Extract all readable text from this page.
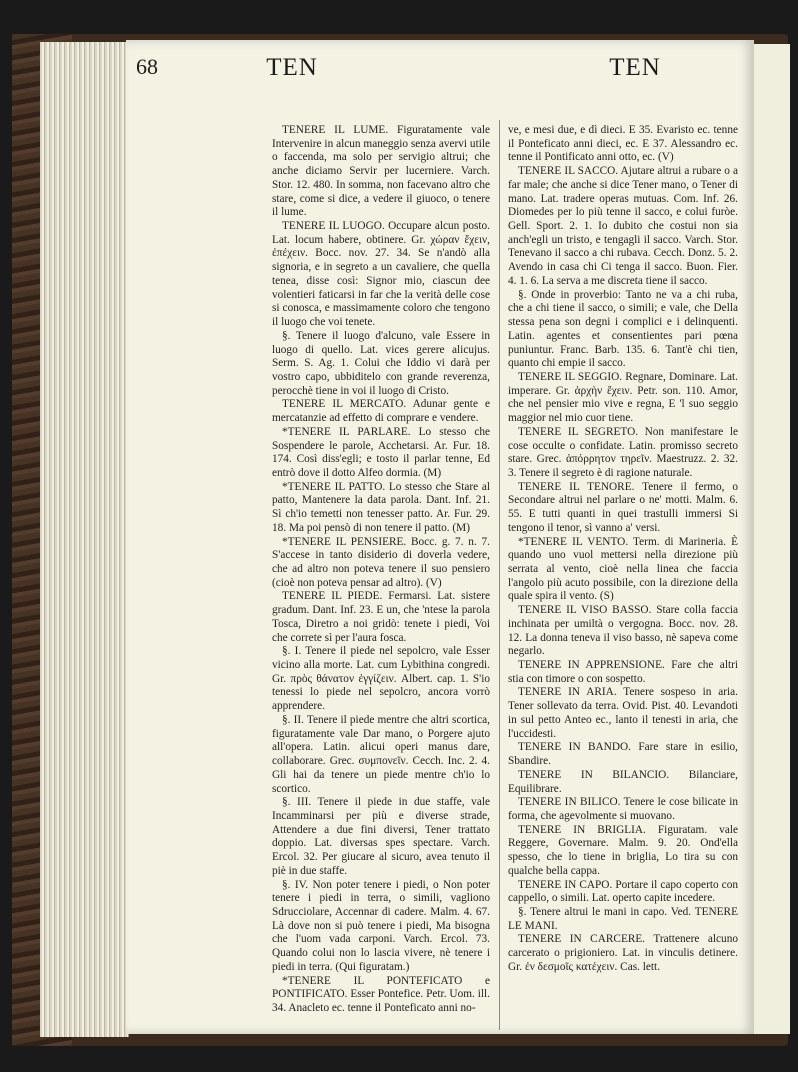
68	TEN	TEN

TENERE IL LUME. Figuratamente vale Intervenire in alcun maneggio senza avervi utile o faccenda, ma solo per servigio altrui; che anche diciamo Servir per lucerniere. Varch. Stor. 12. 480. In somma, non facevano altro che stare, come si dice, a vedere il giuoco, o tenere il lume.

TENERE IL LUOGO. Occupare alcun posto. Lat. locum habere, obtinere. Gr. χώραν ἔχειν, ἐπέχειν. Bocc. nov. 27. 34. Se n'andò alla signoria, e in segreto a un cavaliere, che quella tenea, disse così: Signor mio, ciascun dee volentieri faticarsi in far che la verità delle cose si conosca, e massimamente coloro che tengono il luogo che voi tenete.

§. Tenere il luogo d'alcuno, vale Essere in luogo di quello. Lat. vices gerere alicujus. Serm. S. Ag. 1. Colui che Iddio vi darà per vostro capo, ubbiditelo con grande reverenza, perocchè tiene in voi il luogo di Cristo.

TENERE IL MERCATO. Adunar gente e mercatanzie ad effetto di comprare e vendere.

*TENERE IL PARLARE. Lo stesso che Sospendere le parole, Acchetarsi. Ar. Fur. 18. 174. Così diss'egli; e tosto il parlar tenne, Ed entrò dove il dotto Alfeo dormia. (M)

*TENERE IL PATTO. Lo stesso che Stare al patto, Mantenere la data parola. Dant. Inf. 21. Sì ch'io temetti non tenesser patto. Ar. Fur. 29. 18. Ma poi pensò di non tenere il patto. (M)

*TENERE IL PENSIERE. Bocc. g. 7. n. 7. S'accese in tanto disiderio di doverla vedere, che ad altro non poteva tenere il suo pensiero (cioè non poteva pensar ad altro). (V)

TENERE IL PIEDE. Fermarsi. Lat. sistere gradum. Dant. Inf. 23. E un, che 'ntese la parola Tosca, Diretro a noi gridò: tenete i piedi, Voi che correte sì per l'aura fosca.

§. I. Tenere il piede nel sepolcro, vale Esser vicino alla morte. Lat. cum Lybithina congredi. Gr. πρὸς θάνατον ἐγγίζειν. Albert. cap. 1. S'io tenessi lo piede nel sepolcro, ancora vorrò apprendere.

§. II. Tenere il piede mentre che altri scortica, figuratamente vale Dar mano, o Porgere ajuto all'opera. Latin. alicui operi manus dare, collaborare. Grec. συμπονεῖν. Cecch. Inc. 2. 4. Gli hai da tenere un piede mentre ch'io lo scortico.

§. III. Tenere il piede in due staffe, vale Incamminarsi per più e diverse strade, Attendere a due fini diversi, Tener trattato doppio. Lat. diversas spes spectare. Varch. Ercol. 32. Per giucare al sicuro, avea tenuto il piè in due staffe.

§. IV. Non poter tenere i piedi, o Non poter tenere i piedi in terra, o simili, vagliono Sdrucciolare, Accennar di cadere. Malm. 4. 67. Là dove non si può tenere i piedi, Ma bisogna che l'uom vada carponi. Varch. Ercol. 73. Quando colui non lo lascia vivere, nè tenere i piedi in terra. (Qui figuratam.)

*TENERE IL PONTEFICATO e PONTIFICATO. Esser Pontefice. Petr. Uom. ill. 34. Anacleto ec. tenne il Ponteficato anni no-

ve, e mesi due, e dì dieci. E 35. Evaristo ec. tenne il Ponteficato anni dieci, ec. E 37. Alessandro ec. tenne il Pontificato anni otto, ec. (V)

TENERE IL SACCO. Ajutare altrui a rubare o a far male; che anche si dice Tener mano, o Tener di mano. Lat. tradere operas mutuas. Com. Inf. 26. Diomedes per lo più tenne il sacco, e colui furòe. Gell. Sport. 2. 1. Io dubito che costui non sia anch'egli un tristo, e tengagli il sacco. Varch. Stor. Tenevano il sacco a chi rubava. Cecch. Donz. 5. 2. Avendo in casa chi Ci tenga il sacco. Buon. Fier. 4. 1. 6. La serva a me discreta tiene il sacco.

§. Onde in proverbio: Tanto ne va a chi ruba, che a chi tiene il sacco, o simili; e vale, che Della stessa pena son degni i complici e i delinquenti. Latin. agentes et consentientes pari pœna puniuntur. Franc. Barb. 135. 6. Tant'è chi tien, quanto chi empie il sacco.

TENERE IL SEGGIO. Regnare, Dominare. Lat. imperare. Gr. ἀρχὴν ἔχειν. Petr. son. 110. Amor, che nel pensier mio vive e regna, E 'l suo seggio maggior nel mio cuor tiene.

TENERE IL SEGRETO. Non manifestare le cose occulte o confidate. Latin. promisso secreto stare. Grec. ἀπόρρητον τηρεῖν. Maestruzz. 2. 32. 3. Tenere il segreto è di ragione naturale.

TENERE IL TENORE. Tenere il fermo, o Secondare altrui nel parlare o ne' motti. Malm. 6. 55. E tutti quanti in quei trastulli immersi Si tengono il tenor, sì vanno a' versi.

*TENERE IL VENTO. Term. di Marineria. È quando uno vuol mettersi nella direzione più serrata al vento, cioè nella linea che faccia l'angolo più acuto possibile, con la direzione della quale spira il vento. (S)

TENERE IL VISO BASSO. Stare colla faccia inchinata per umiltà o vergogna. Bocc. nov. 28. 12. La donna teneva il viso basso, nè sapeva come negarlo.

TENERE IN APPRENSIONE. Fare che altri stia con timore o con sospetto.

TENERE IN ARIA. Tenere sospeso in aria. Tener sollevato da terra. Ovid. Pist. 40. Levandoti in sul petto Anteo ec., lanto il tenesti in aria, che l'uccidesti.

TENERE IN BANDO. Fare stare in esilio, Sbandire.

TENERE IN BILANCIO. Bilanciare, Equilibrare.

TENERE IN BILICO. Tenere le cose bilicate in forma, che agevolmente si muovano.

TENERE IN BRIGLIA. Figuratam. vale Reggere, Governare. Malm. 9. 20. Ond'ella spesso, che lo tiene in briglia, Lo tira su con qualche bella cappa.

TENERE IN CAPO. Portare il capo coperto con cappello, o simili. Lat. operto capite incedere.

§. Tenere altrui le mani in capo. Ved. TENERE LE MANI.

TENERE IN CARCERE. Trattenere alcuno carcerato o prigioniero. Lat. in vinculis detinere. Gr. ἐν δεσμοῖς κατέχειν. Cas. lett.
